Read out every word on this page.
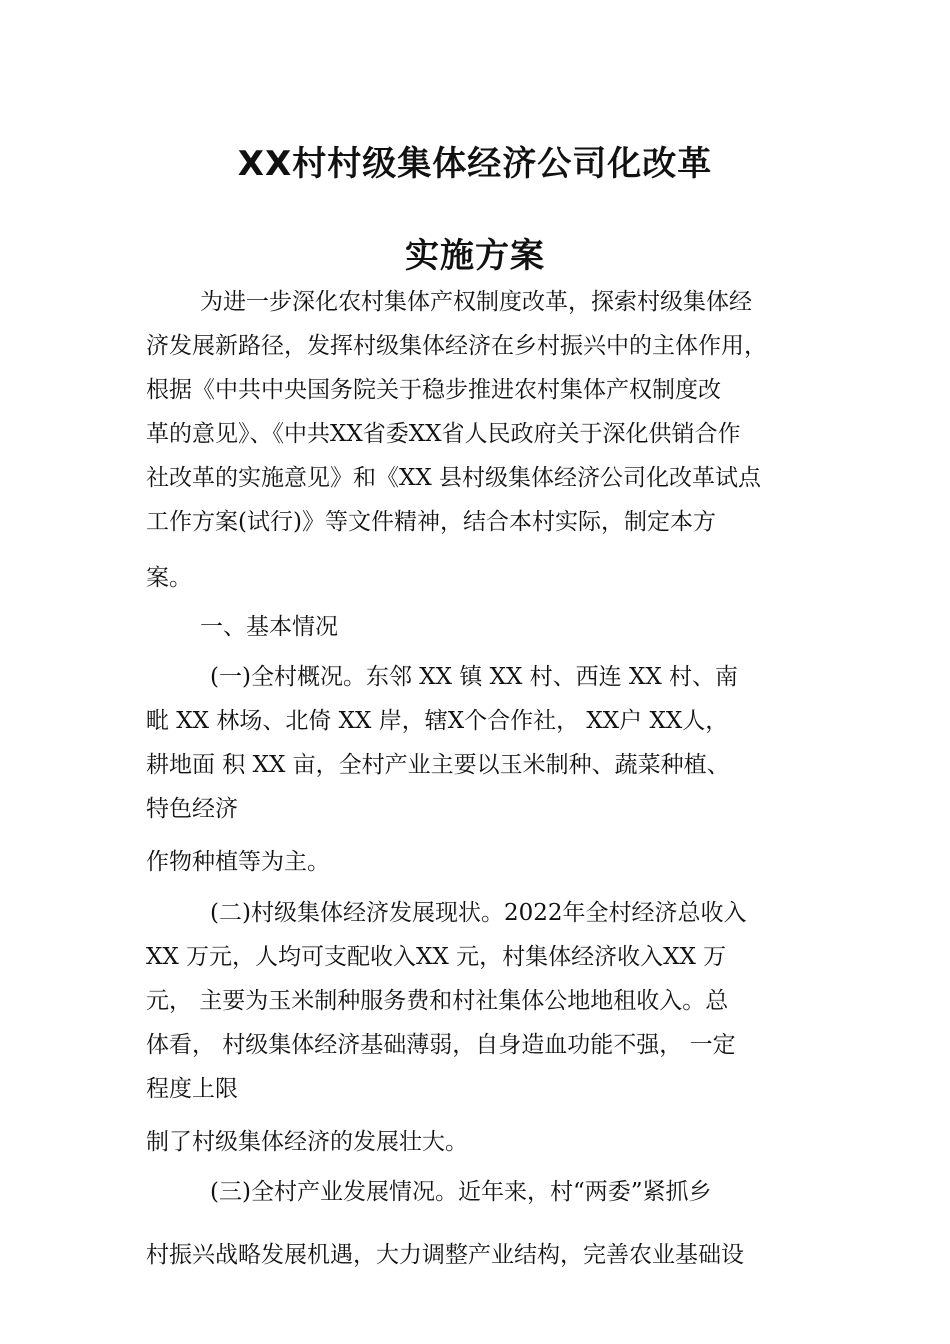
XX村村级集体经济公司化改革
实施方案
为进一步深化农村集体产权制度改革，探索村级集体经
济发展新路径，发挥村级集体经济在乡村振兴中的主体作用，
根据《中共中央国务院关于稳步推进农村集体产权制度改
革的意见》、《中共XX省委XX省人民政府关于深化供销合作
社改革的实施意见》和《XX 县村级集体经济公司化改革试点
工作方案(试行)》等文件精神，结合本村实际，制定本方
案。
一、基本情况
(一)全村概况。东邻 XX 镇 XX 村、西连 XX 村、南
毗 XX 林场、北倚 XX 岸，辖X个合作社， XX户 XX人，
耕地面 积 XX 亩，全村产业主要以玉米制种、蔬菜种植、
特色经济
作物种植等为主。
(二)村级集体经济发展现状。2022年全村经济总收入
XX 万元，人均可支配收入XX 元，村集体经济收入XX 万
元， 主要为玉米制种服务费和村社集体公地地租收入。总
体看， 村级集体经济基础薄弱，自身造血功能不强， 一定
程度上限
制了村级集体经济的发展壮大。
(三)全村产业发展情况。近年来，村“两委”紧抓乡
村振兴战略发展机遇，大力调整产业结构，完善农业基础设
